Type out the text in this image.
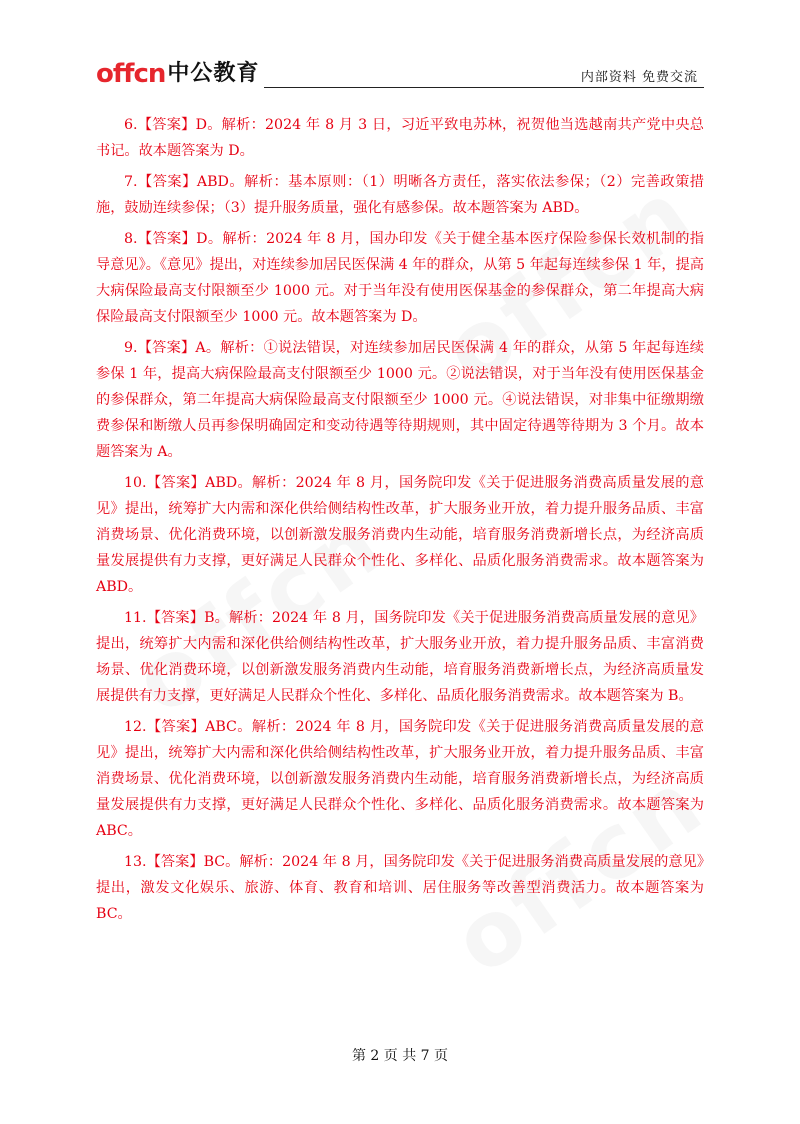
offcn 中公教育	内部资料 免费交流

6.【答案】D。解析：2024 年 8 月 3 日，习近平致电苏林，祝贺他当选越南共产党中央总书记。故本题答案为 D。

7.【答案】ABD。解析：基本原则：（1）明晰各方责任，落实依法参保；（2）完善政策措施，鼓励连续参保；（3）提升服务质量，强化有感参保。故本题答案为 ABD。

8.【答案】D。解析：2024 年 8 月，国办印发《关于健全基本医疗保险参保长效机制的指导意见》。《意见》提出，对连续参加居民医保满 4 年的群众，从第 5 年起每连续参保 1 年，提高大病保险最高支付限额至少 1000 元。对于当年没有使用医保基金的参保群众，第二年提高大病保险最高支付限额至少 1000 元。故本题答案为 D。

9.【答案】A。解析：①说法错误，对连续参加居民医保满 4 年的群众，从第 5 年起每连续参保 1 年，提高大病保险最高支付限额至少 1000 元。②说法错误，对于当年没有使用医保基金的参保群众，第二年提高大病保险最高支付限额至少 1000 元。④说法错误，对非集中征缴期缴费参保和断缴人员再参保明确固定和变动待遇等待期规则，其中固定待遇等待期为 3 个月。故本题答案为 A。

10.【答案】ABD。解析：2024 年 8 月，国务院印发《关于促进服务消费高质量发展的意见》提出，统筹扩大内需和深化供给侧结构性改革，扩大服务业开放，着力提升服务品质、丰富消费场景、优化消费环境，以创新激发服务消费内生动能，培育服务消费新增长点，为经济高质量发展提供有力支撑，更好满足人民群众个性化、多样化、品质化服务消费需求。故本题答案为 ABD。

11.【答案】B。解析：2024 年 8 月，国务院印发《关于促进服务消费高质量发展的意见》提出，统筹扩大内需和深化供给侧结构性改革，扩大服务业开放，着力提升服务品质、丰富消费场景、优化消费环境，以创新激发服务消费内生动能，培育服务消费新增长点，为经济高质量发展提供有力支撑，更好满足人民群众个性化、多样化、品质化服务消费需求。故本题答案为 B。

12.【答案】ABC。解析：2024 年 8 月，国务院印发《关于促进服务消费高质量发展的意见》提出，统筹扩大内需和深化供给侧结构性改革，扩大服务业开放，着力提升服务品质、丰富消费场景、优化消费环境，以创新激发服务消费内生动能，培育服务消费新增长点，为经济高质量发展提供有力支撑，更好满足人民群众个性化、多样化、品质化服务消费需求。故本题答案为 ABC。

13.【答案】BC。解析：2024 年 8 月，国务院印发《关于促进服务消费高质量发展的意见》提出，激发文化娱乐、旅游、体育、教育和培训、居住服务等改善型消费活力。故本题答案为 BC。

第 2 页 共 7 页
